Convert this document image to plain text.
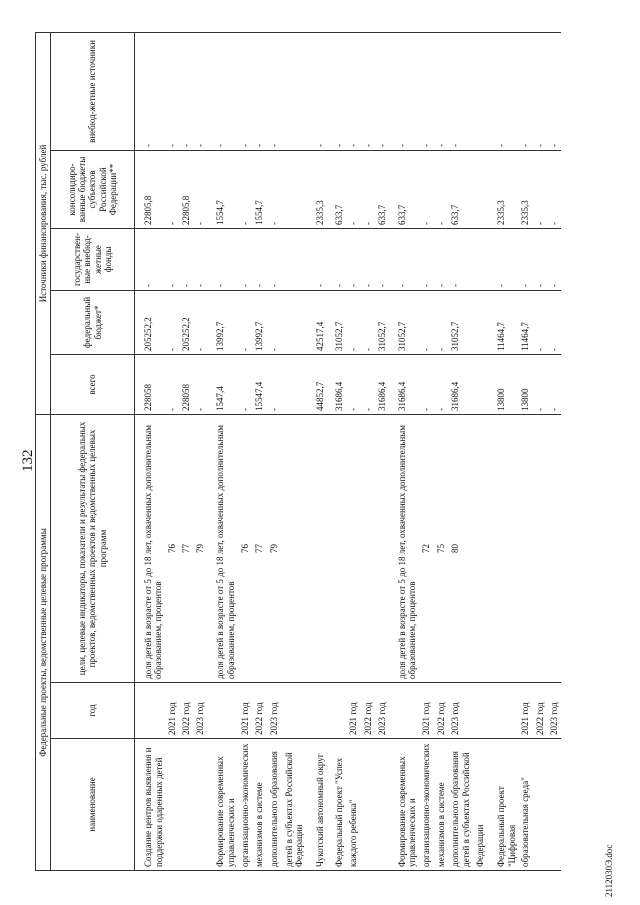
132
Федеральные проекты, ведомственные целевые программы			Источники финансирования, тыс. рублей				
наименование	год	цели, целевые индикаторы, показатели и результаты федеральных проектов, ведомственных проектов и ведомственных целевых программ	всего	федеральный бюджет*	государствен-ные внебюд-жетные фонды	консолидиро-ванные бюджеты субъектов Российской Федерации**	внебюд-жетные источники
Создание центров выявления и поддержки одаренных детей		доля детей в возрасте от 5 до 18 лет, охваченных дополнительным образованием, процентов	228058	205252,2	-	22805,8	-
	2021 год	76	-	-	-	-	-
	2022 год	77	228058	205252,2	-	22805,8	-
	2023 год	79	-	-	-	-	-
Формирование современных управленческих и		доля детей в возрасте от 5 до 18 лет, охваченных дополнительным образованием, процентов	1547,4	13992,7	-	1554,7	-
организационно-экономических	2021 год	76	-	-	-	-	-
механизмов в системе	2022 год	77	15547,4	13992,7	-	1554,7	-
дополнительного образования	2023 год	79	-	-	-	-	-
детей в субъектах Российской Федерации							
Чукотский автономный округ			44852,7	42517,4	-	2335,3	-
Федеральный проект "Успех			31686,4	31052,7	-	633,7	-
каждого ребенка"	2021 год		-	-	-	-	-
	2022 год		-	-	-	-	-
	2023 год		31686,4	31052,7	-	633,7	-
Формирование современных управленческих и		доля детей в возрасте от 5 до 18 лет, охваченных дополнительным образованием, процентов	31686,4	31052,7	-	633,7	-
организационно-экономических	2021 год	72	-	-	-	-	-
механизмов в системе	2022 год	75	-	-	-	-	-
дополнительного образования детей в субъектах Российской	2023 год	80	31686,4	31052,7	-	633,7	-
Федерации							
Федеральный проект "Цифровая			13800	11464,7	-	2335,3	-
образовательная среда"	2021 год		13800	11464,7	-	2335,3	-
	2022 год		-	-	-	-	-
	2023 год		-	-	-	-	-
2112030Э.doc
